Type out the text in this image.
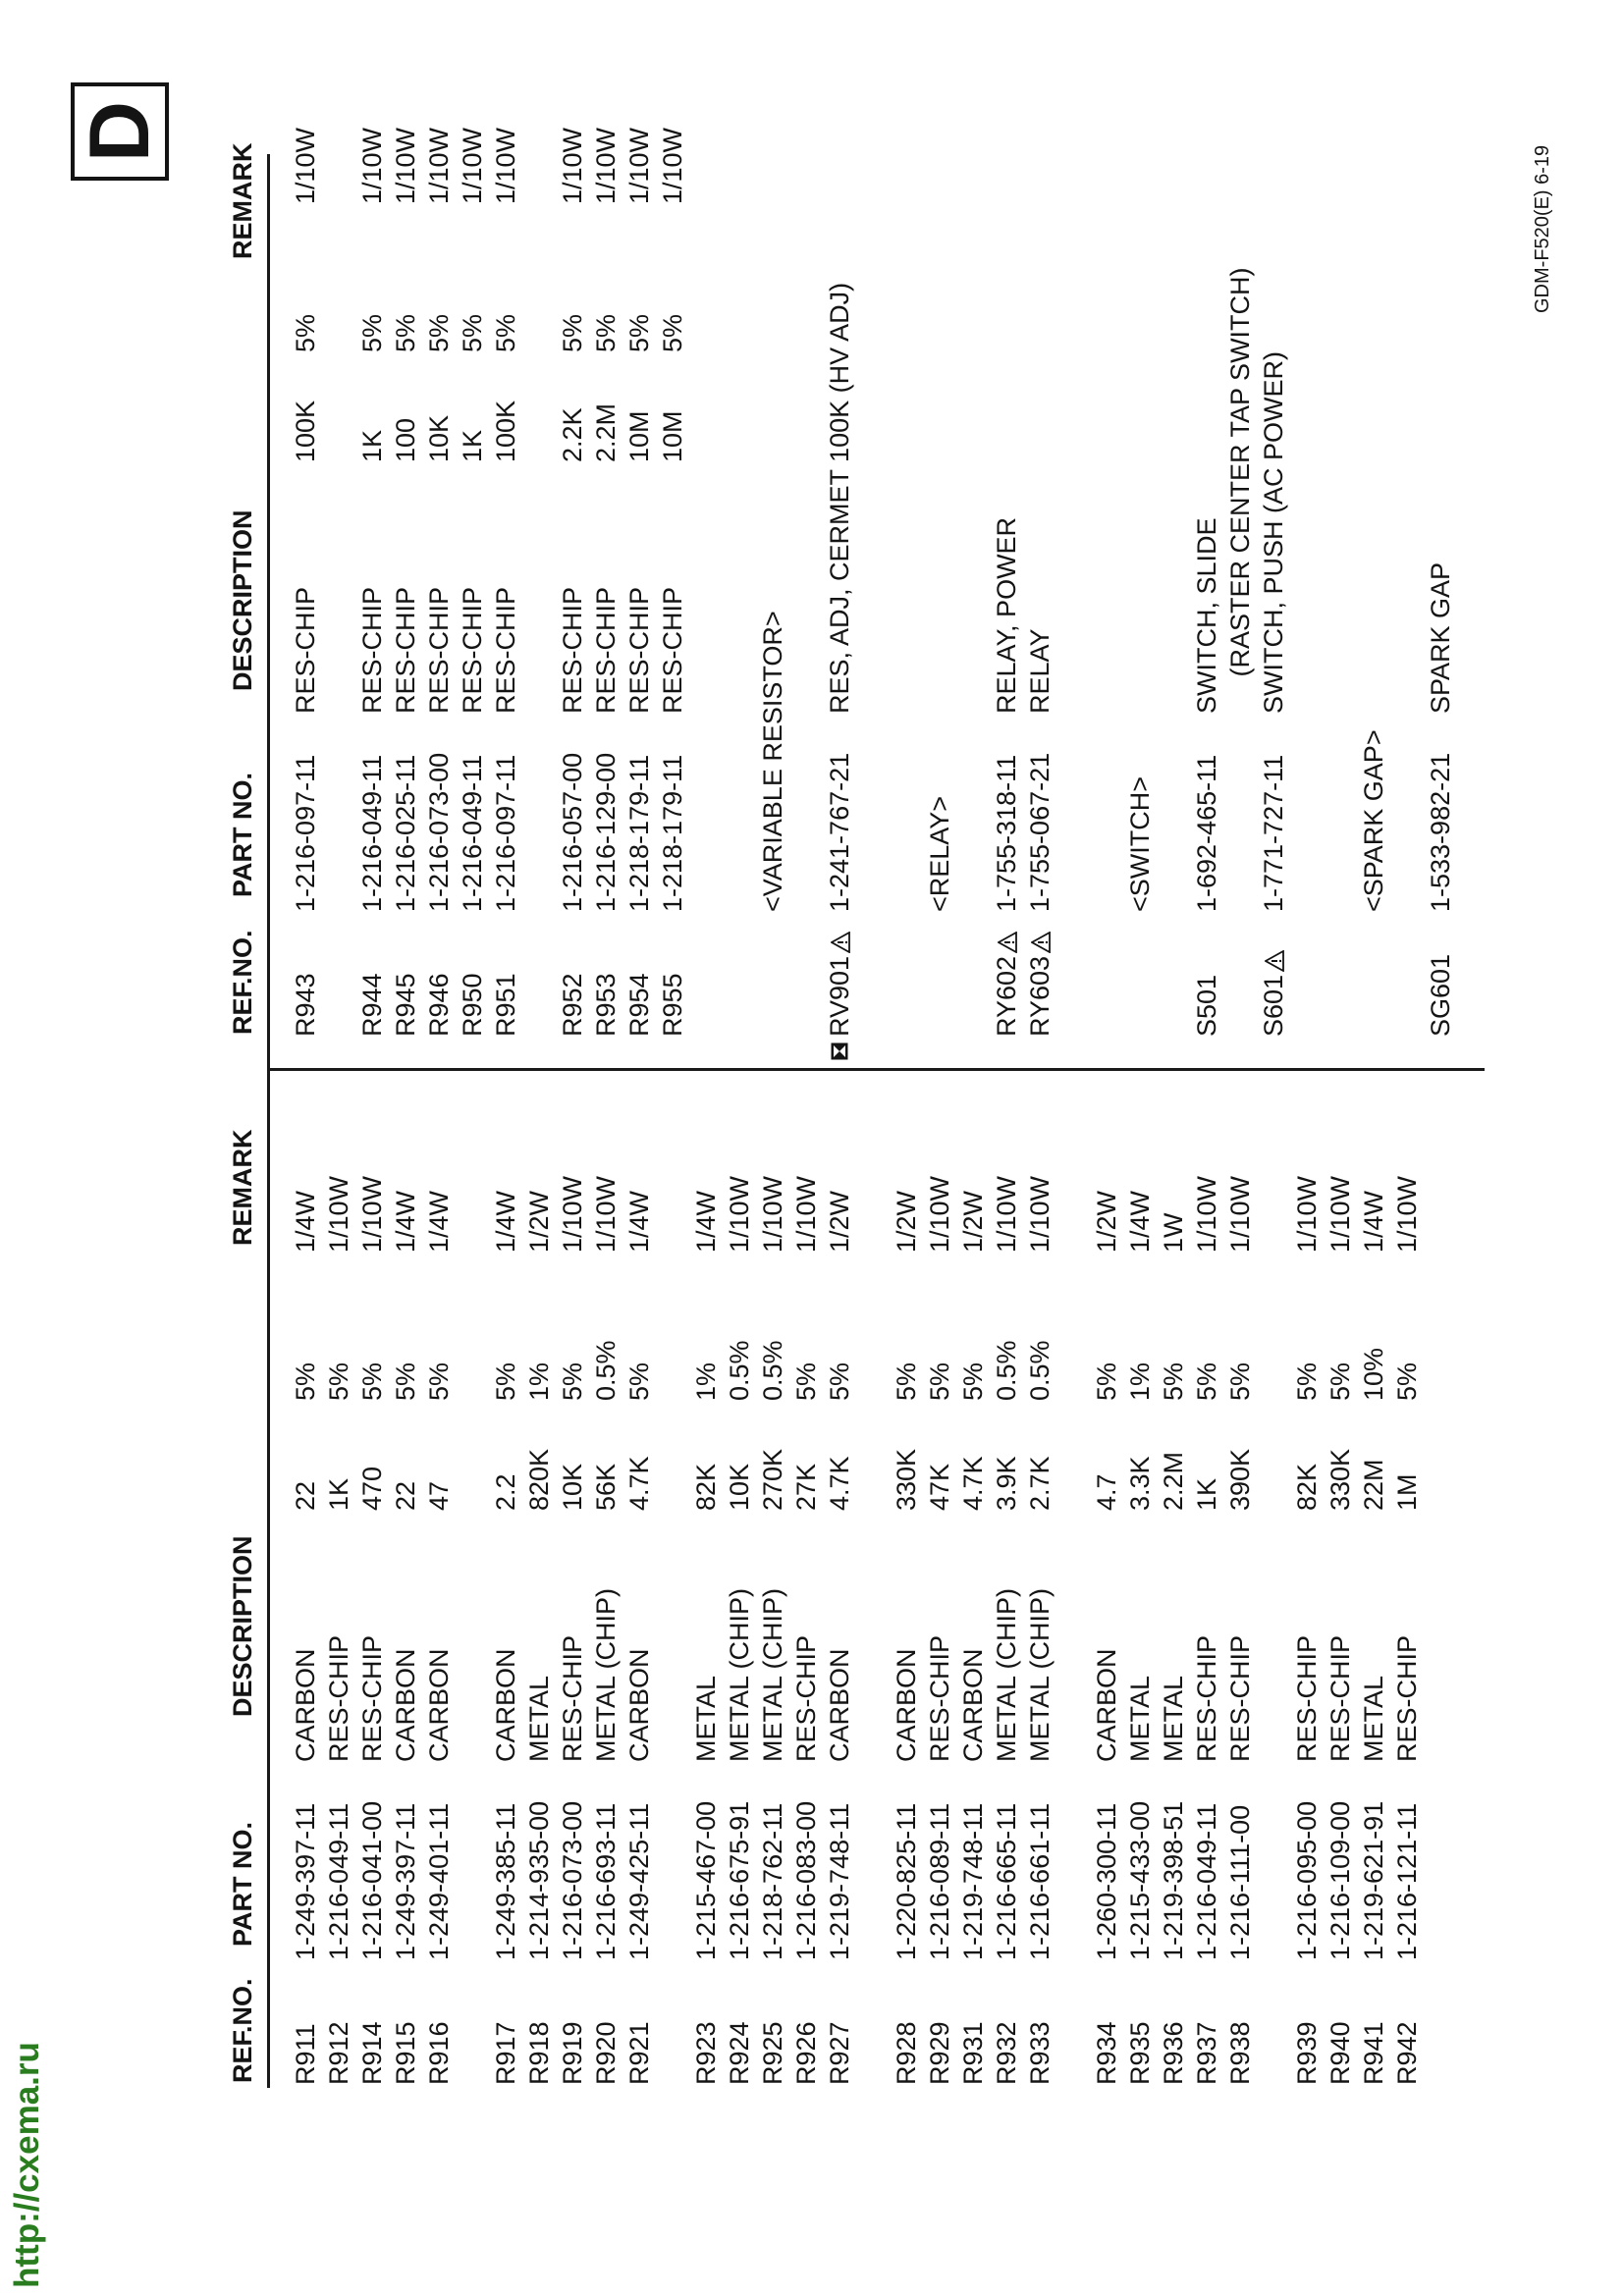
REF.NO.
PART NO.
DESCRIPTION
REMARK
REF.NO.
PART NO.
DESCRIPTION
REMARK
R911
1-249-397-11
CARBON
22
5%
1/4W
R912
1-216-049-11
RES-CHIP
1K
5%
1/10W
R914
1-216-041-00
RES-CHIP
470
5%
1/10W
R915
1-249-397-11
CARBON
22
5%
1/4W
R916
1-249-401-11
CARBON
47
5%
1/4W
R917
1-249-385-11
CARBON
2.2
5%
1/4W
R918
1-214-935-00
METAL
820K
1%
1/2W
R919
1-216-073-00
RES-CHIP
10K
5%
1/10W
R920
1-216-693-11
METAL (CHIP)
56K
0.5%
1/10W
R921
1-249-425-11
CARBON
4.7K
5%
1/4W
R923
1-215-467-00
METAL
82K
1%
1/4W
R924
1-216-675-91
METAL (CHIP)
10K
0.5%
1/10W
R925
1-218-762-11
METAL (CHIP)
270K
0.5%
1/10W
R926
1-216-083-00
RES-CHIP
27K
5%
1/10W
R927
1-219-748-11
CARBON
4.7K
5%
1/2W
R928
1-220-825-11
CARBON
330K
5%
1/2W
R929
1-216-089-11
RES-CHIP
47K
5%
1/10W
R931
1-219-748-11
CARBON
4.7K
5%
1/2W
R932
1-216-665-11
METAL (CHIP)
3.9K
0.5%
1/10W
R933
1-216-661-11
METAL (CHIP)
2.7K
0.5%
1/10W
R934
1-260-300-11
CARBON
4.7
5%
1/2W
R935
1-215-433-00
METAL
3.3K
1%
1/4W
R936
1-219-398-51
METAL
2.2M
5%
1W
R937
1-216-049-11
RES-CHIP
1K
5%
1/10W
R938
1-216-111-00
RES-CHIP
390K
5%
1/10W
R939
1-216-095-00
RES-CHIP
82K
5%
1/10W
R940
1-216-109-00
RES-CHIP
330K
5%
1/10W
R941
1-219-621-91
METAL
22M
10%
1/4W
R942
1-216-121-11
RES-CHIP
1M
5%
1/10W
R943
1-216-097-11
RES-CHIP
100K
5%
1/10W
R944
1-216-049-11
RES-CHIP
1K
5%
1/10W
R945
1-216-025-11
RES-CHIP
100
5%
1/10W
R946
1-216-073-00
RES-CHIP
10K
5%
1/10W
R950
1-216-049-11
RES-CHIP
1K
5%
1/10W
R951
1-216-097-11
RES-CHIP
100K
5%
1/10W
R952
1-216-057-00
RES-CHIP
2.2K
5%
1/10W
R953
1-216-129-00
RES-CHIP
2.2M
5%
1/10W
R954
1-218-179-11
RES-CHIP
10M
5%
1/10W
R955
1-218-179-11
RES-CHIP
10M
5%
1/10W
<VARIABLE RESISTOR>
RV901
1-241-767-21
RES, ADJ, CERMET 100K (HV ADJ)
<RELAY>
RY602
1-755-318-11
RELAY, POWER
RY603
1-755-067-21
RELAY
<SWITCH>
S501
1-692-465-11
SWITCH, SLIDE (RASTER CENTER TAP SWITCH)
S601
1-771-727-11
SWITCH, PUSH (AC POWER)
<SPARK GAP>
SG601
1-533-982-21
SPARK GAP
D
GDM-F520(E) 6-19
http://cxema.ru
